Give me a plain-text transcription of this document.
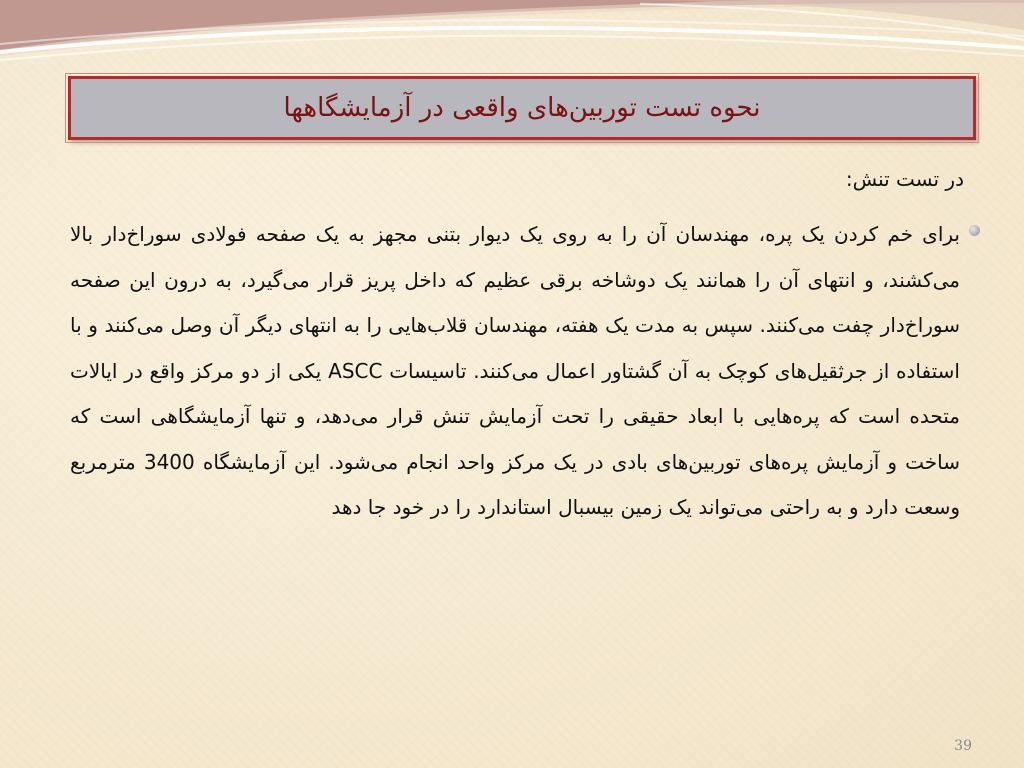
نحوه تست توربین‌های واقعی در آزمایشگاهها
در تست تنش:
برای خم کردن یک پره، مهندسان آن را به روی یک دیوار بتنی مجهز به یک صفحه فولادی سوراخ‌دار بالا می‌کشند، و انتهای آن را همانند یک دوشاخه برقی عظیم که داخل پریز قرار می‌گیرد، به درون این صفحه سوراخ‌دار چفت می‌کنند. سپس به مدت یک هفته، مهندسان قلاب‌هایی را به انتهای دیگر آن وصل می‌کنند و با استفاده از جرثقیل‌های کوچک به آن گشتاور اعمال می‌کنند. تاسیسات ASCC یکی از دو مرکز واقع در ایالات متحده است که پره‌هایی با ابعاد حقیقی را تحت آزمایش تنش قرار می‌دهد، و تنها آزمایشگاهی است که ساخت و آزمایش پره‌های توربین‌های بادی در یک مرکز واحد انجام می‌شود. این آزمایشگاه 3400 مترمربع وسعت دارد و به راحتی می‌تواند یک زمین بیسبال استاندارد را در خود جا دهد
39
